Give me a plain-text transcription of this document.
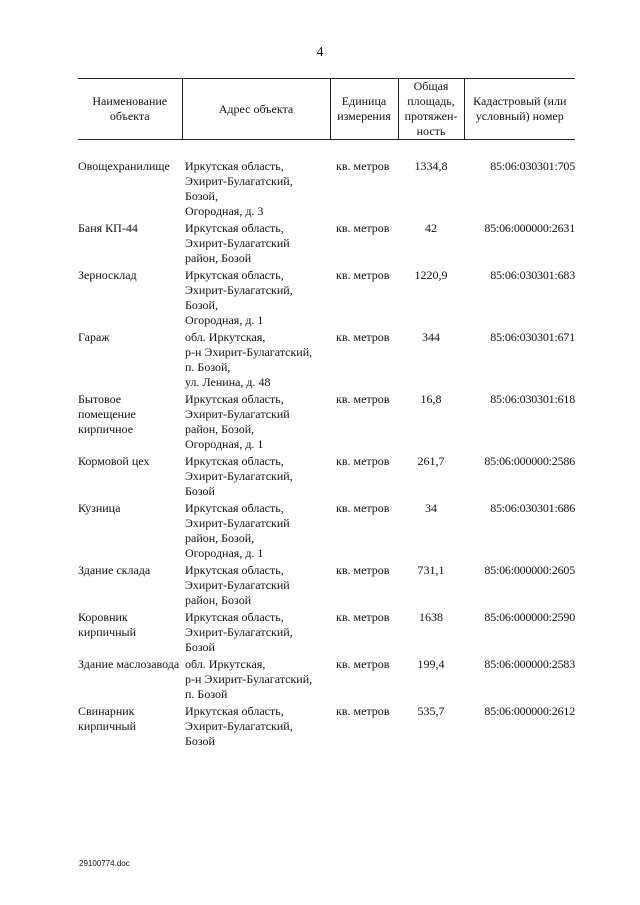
4
Наименование объекта	Адрес объекта	Единица измерения	Общая площадь, протяжен-ность	Кадастровый (или условный) номер
Овощехранилище	Иркутская область,
Эхирит-Булагатский,
Бозой,
Огородная, д. 3	кв. метров	1334,8	85:06:030301:705
Баня КП-44	Иркутская область,
Эхирит-Булагатский
район, Бозой	кв. метров	42	85:06:000000:2631
Зерносклад	Иркутская область,
Эхирит-Булагатский,
Бозой,
Огородная, д. 1	кв. метров	1220,9	85:06:030301:683
Гараж	обл. Иркутская,
р-н Эхирит-Булагатский,
п. Бозой,
ул. Ленина, д. 48	кв. метров	344	85:06:030301:671
Бытовое помещение кирпичное	Иркутская область,
Эхирит-Булагатский
район, Бозой,
Огородная, д. 1	кв. метров	16,8	85:06:030301:618
Кормовой цех	Иркутская область,
Эхирит-Булагатский,
Бозой	кв. метров	261,7	85:06:000000:2586
Кузница	Иркутская область,
Эхирит-Булагатский
район, Бозой,
Огородная, д. 1	кв. метров	34	85:06:030301:686
Здание склада	Иркутская область,
Эхирит-Булагатский
район, Бозой	кв. метров	731,1	85:06:000000:2605
Коровник кирпичный	Иркутская область,
Эхирит-Булагатский,
Бозой	кв. метров	1638	85:06:000000:2590
Здание маслозавода	обл. Иркутская,
р-н Эхирит-Булагатский,
п. Бозой	кв. метров	199,4	85:06:000000:2583
Свинарник кирпичный	Иркутская область,
Эхирит-Булагатский,
Бозой	кв. метров	535,7	85:06:000000:2612
29100774.doc
